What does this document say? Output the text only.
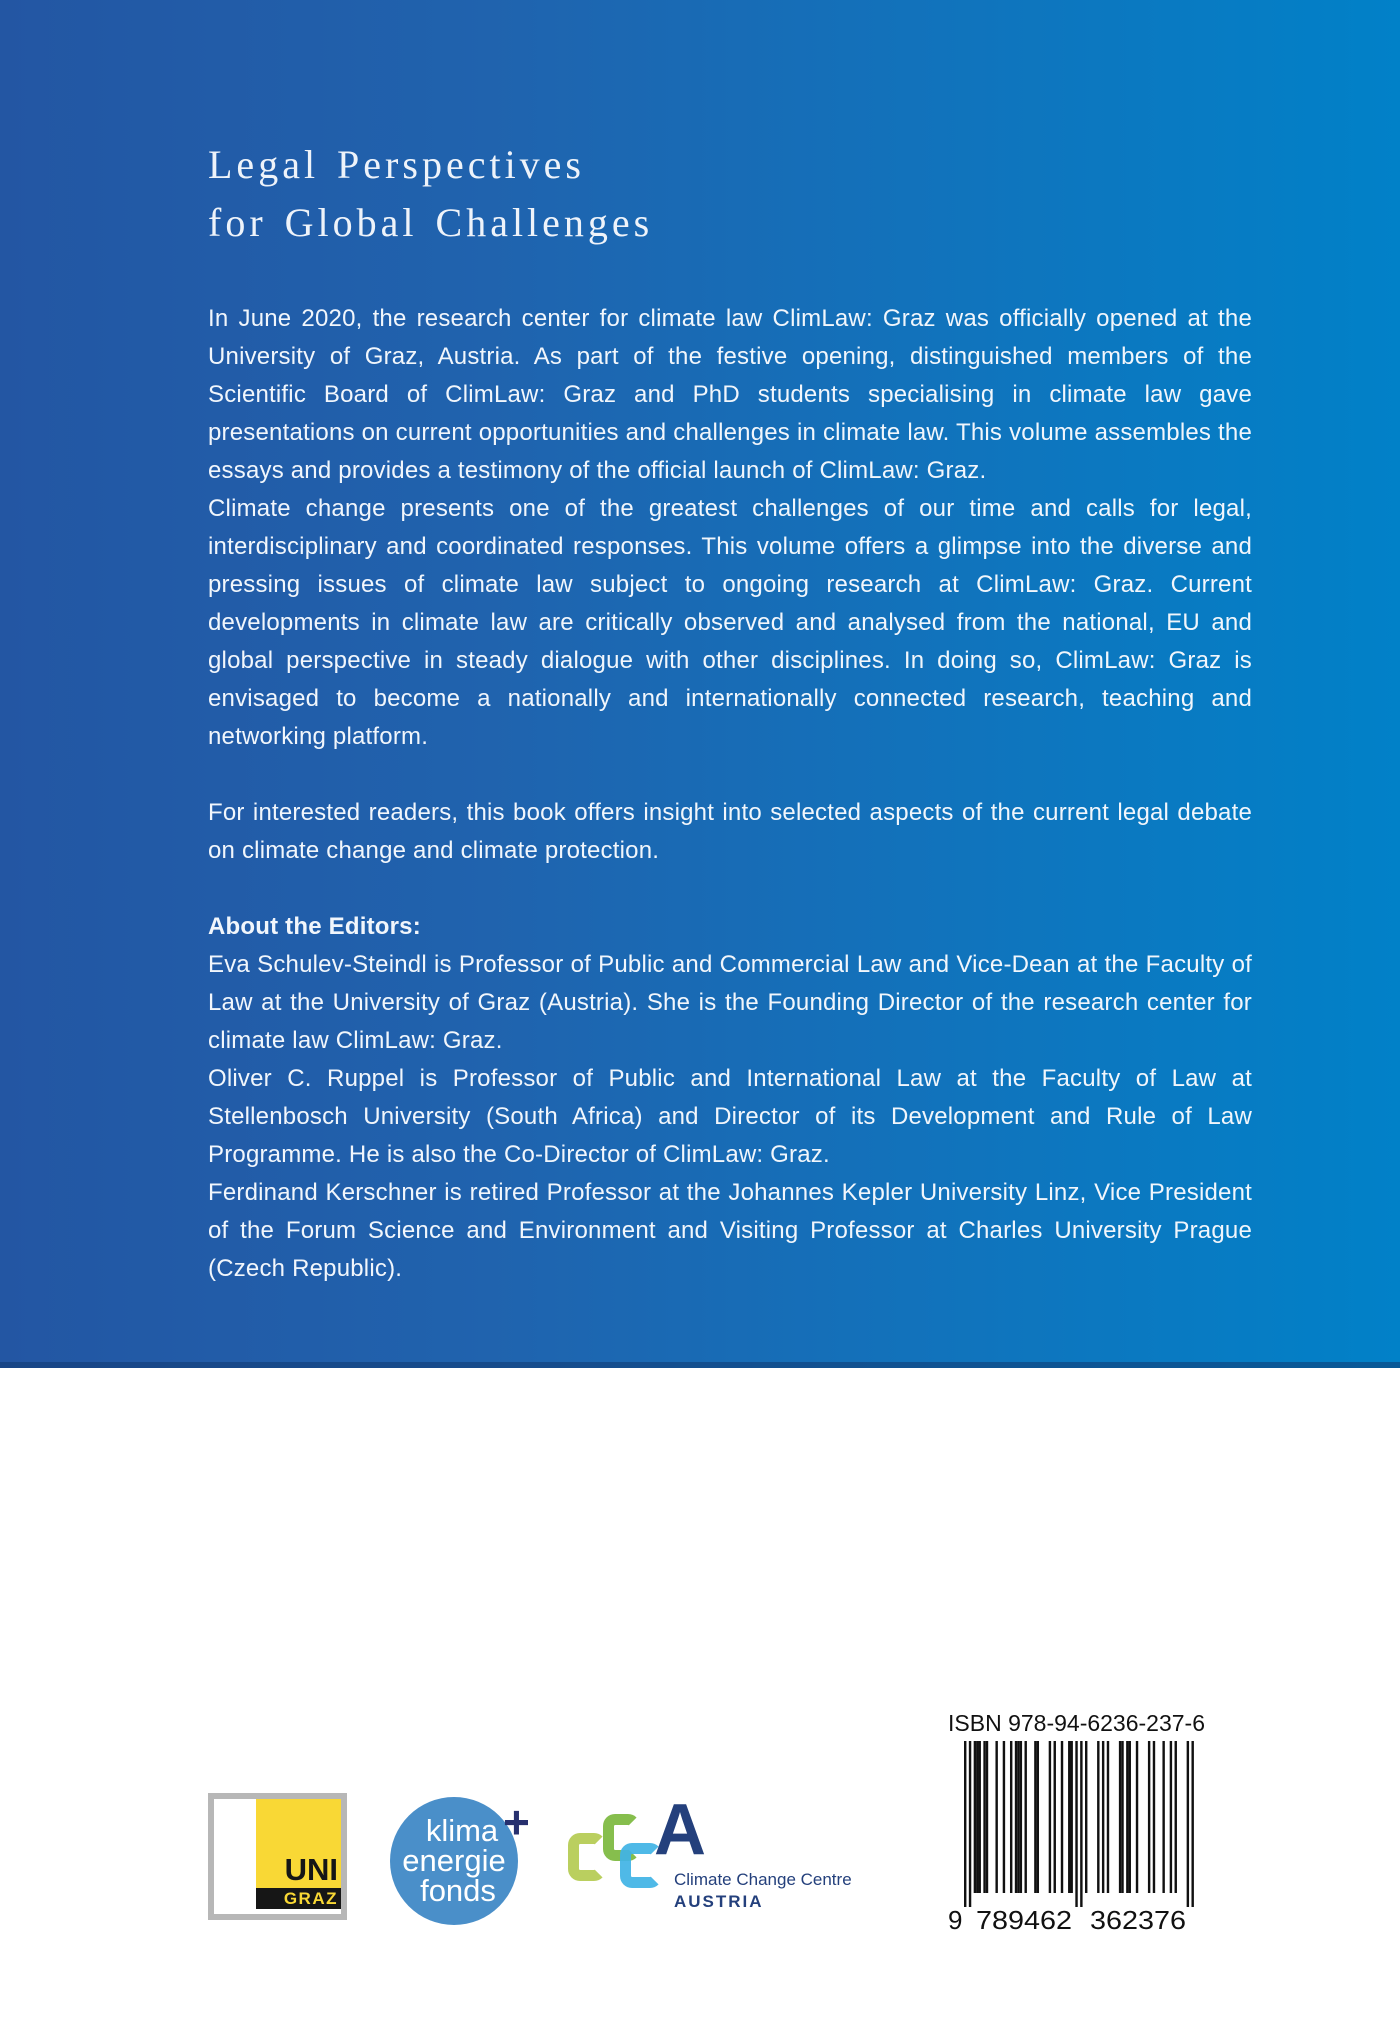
Legal Perspectives
for Global Challenges

In June 2020, the research center for climate law ClimLaw: Graz was officially opened at the University of Graz, Austria. As part of the festive opening, distinguished members of the Scientific Board of ClimLaw: Graz and PhD students specialising in climate law gave presentations on current opportunities and challenges in climate law. This volume assembles the essays and provides a testimony of the official launch of ClimLaw: Graz.

Climate change presents one of the greatest challenges of our time and calls for legal, interdisciplinary and coordinated responses. This volume offers a glimpse into the diverse and pressing issues of climate law subject to ongoing research at ClimLaw: Graz. Current developments in climate law are critically observed and analysed from the national, EU and global perspective in steady dialogue with other disciplines. In doing so, ClimLaw: Graz is envisaged to become a nationally and internationally connected research, teaching and networking platform.

For interested readers, this book offers insight into selected aspects of the current legal debate on climate change and climate protection.

About the Editors:

Eva Schulev-Steindl is Professor of Public and Commercial Law and Vice-Dean at the Faculty of Law at the University of Graz (Austria). She is the Founding Director of the research center for climate law ClimLaw: Graz.

Oliver C. Ruppel is Professor of Public and International Law at the Faculty of Law at Stellenbosch University (South Africa) and Director of its Development and Rule of Law Programme. He is also the Co-Director of ClimLaw: Graz.

Ferdinand Kerschner is retired Professor at the Johannes Kepler University Linz, Vice President of the Forum Science and Environment and Visiting Professor at Charles University Prague (Czech Republic).

UNI
GRAZ
klima
energie
fonds
+ A
Climate Change Centre
AUSTRIA
ISBN 978-94-6236-237-6
9 789462 362376
